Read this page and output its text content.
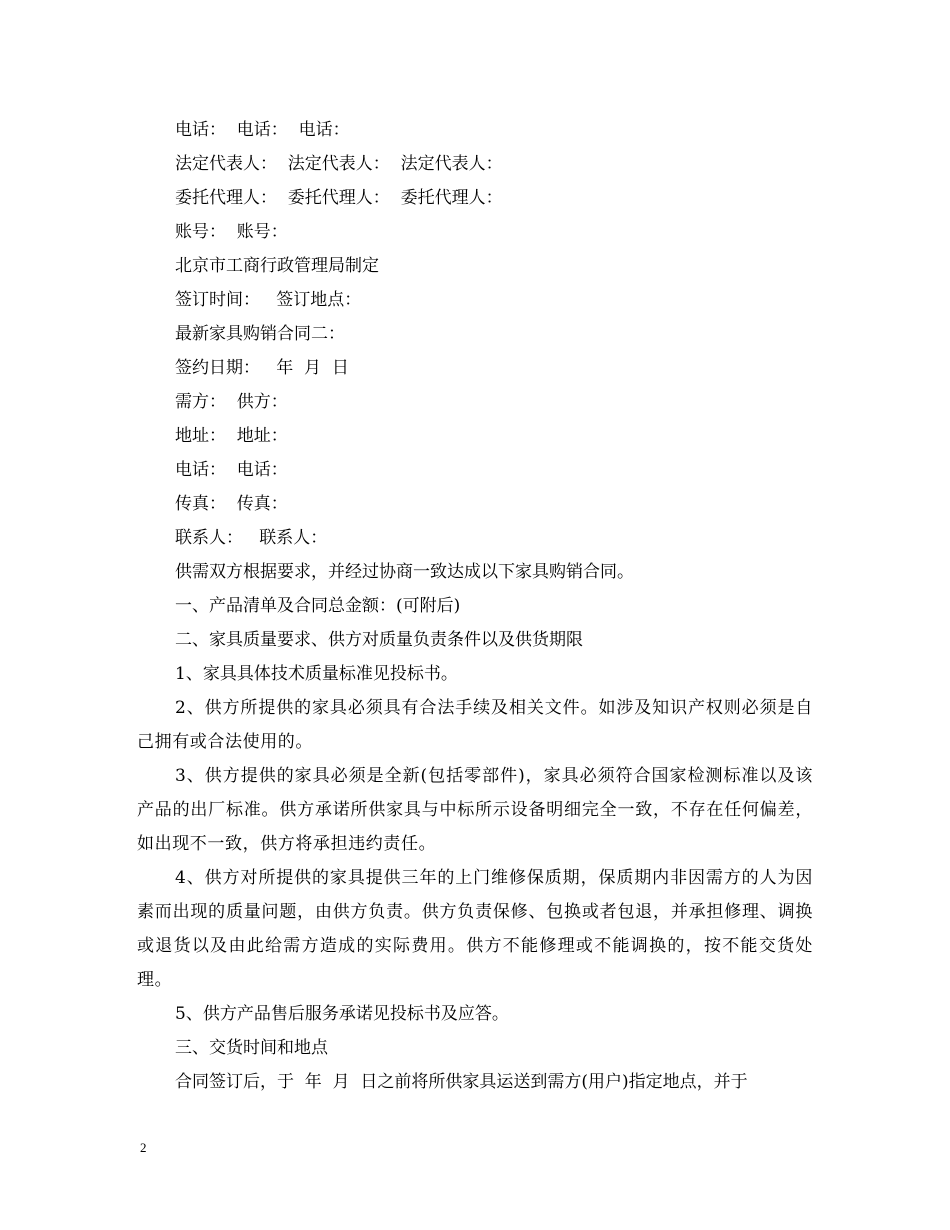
电话：  电话：  电话：
法定代表人：  法定代表人：  法定代表人：
委托代理人：  委托代理人：  委托代理人：
账号：  账号：
北京市工商行政管理局制定
签订时间：   签订地点：
最新家具购销合同二：
签约日期：   年  月  日
需方：  供方：
地址：  地址：
电话：  电话：
传真：  传真：
联系人：   联系人：
供需双方根据要求，并经过协商一致达成以下家具购销合同。
一、产品清单及合同总金额：(可附后)
二、家具质量要求、供方对质量负责条件以及供货期限
1、家具具体技术质量标准见投标书。

2、供方所提供的家具必须具有合法手续及相关文件。如涉及知识产权则必须是自己拥有或合法使用的。

3、供方提供的家具必须是全新(包括零部件)，家具必须符合国家检测标准以及该产品的出厂标准。供方承诺所供家具与中标所示设备明细完全一致，不存在任何偏差，如出现不一致，供方将承担违约责任。

4、供方对所提供的家具提供三年的上门维修保质期，保质期内非因需方的人为因素而出现的质量问题，由供方负责。供方负责保修、包换或者包退，并承担修理、调换或退货以及由此给需方造成的实际费用。供方不能修理或不能调换的，按不能交货处理。

5、供方产品售后服务承诺见投标书及应答。
三、交货时间和地点
合同签订后，于  年  月  日之前将所供家具运送到需方(用户)指定地点，并于
2
